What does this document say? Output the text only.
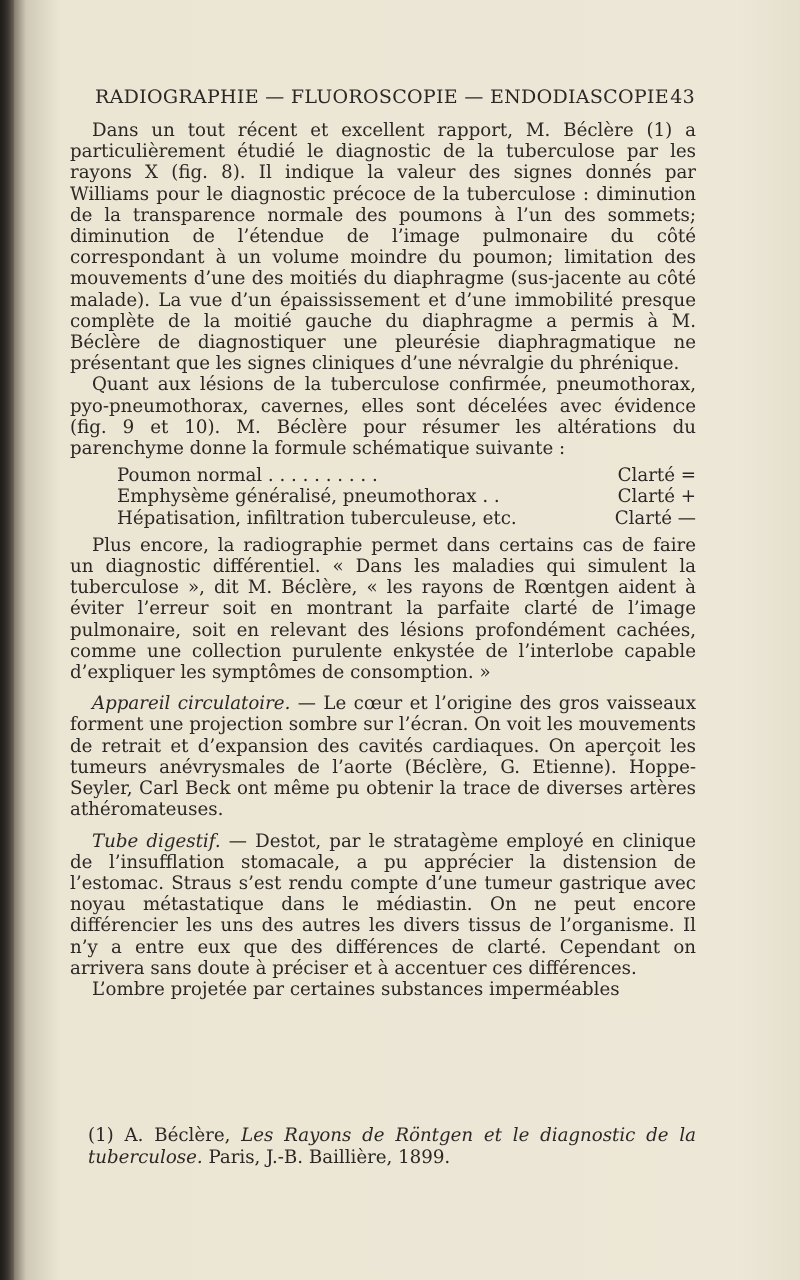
RADIOGRAPHIE — FLUOROSCOPIE — ENDODIASCOPIE 43

Dans un tout récent et excellent rapport, M. Béclère (1) a particulièrement étudié le diagnostic de la tuberculose par les rayons X (fig. 8). Il indique la valeur des signes donnés par Williams pour le diagnostic précoce de la tuberculose : diminution de la transparence normale des poumons à l’un des sommets; diminution de l’étendue de l’image pulmonaire du côté correspondant à un volume moindre du poumon; limitation des mouvements d’une des moitiés du diaphragme (sus-jacente au côté malade). La vue d’un épaississement et d’une immobilité presque complète de la moitié gauche du diaphragme a permis à M. Béclère de diagnostiquer une pleurésie diaphragmatique ne présentant que les signes cliniques d’une névralgie du phrénique.

Quant aux lésions de la tuberculose confirmée, pneumothorax, pyo-pneumothorax, cavernes, elles sont décelées avec évidence (fig. 9 et 10). M. Béclère pour résumer les altérations du parenchyme donne la formule schématique suivante :

Poumon normal . . . . . . . . . .	Clarté =
Emphysème généralisé, pneumothorax . .	Clarté +
Hépatisation, infiltration tuberculeuse, etc.	Clarté —

Plus encore, la radiographie permet dans certains cas de faire un diagnostic différentiel. « Dans les maladies qui simulent la tuberculose », dit M. Béclère, « les rayons de Rœntgen aident à éviter l’erreur soit en montrant la parfaite clarté de l’image pulmonaire, soit en relevant des lésions profondément cachées, comme une collection purulente enkystée de l’interlobe capable d’expliquer les symptômes de consomption. »

Appareil circulatoire. — Le cœur et l’origine des gros vaisseaux forment une projection sombre sur l’écran. On voit les mouvements de retrait et d’expansion des cavités cardiaques. On aperçoit les tumeurs anévrysmales de l’aorte (Béclère, G. Etienne). Hoppe-Seyler, Carl Beck ont même pu obtenir la trace de diverses artères athéromateuses.

Tube digestif. — Destot, par le stratagème employé en clinique de l’insufflation stomacale, a pu apprécier la distension de l’estomac. Straus s’est rendu compte d’une tumeur gastrique avec noyau métastatique dans le médiastin. On ne peut encore différencier les uns des autres les divers tissus de l’organisme. Il n’y a entre eux que des différences de clarté. Cependant on arrivera sans doute à préciser et à accentuer ces différences.

L’ombre projetée par certaines substances imperméables

(1) A. Béclère, Les Rayons de Röntgen et le diagnostic de la tuberculose. Paris, J.-B. Baillière, 1899.
